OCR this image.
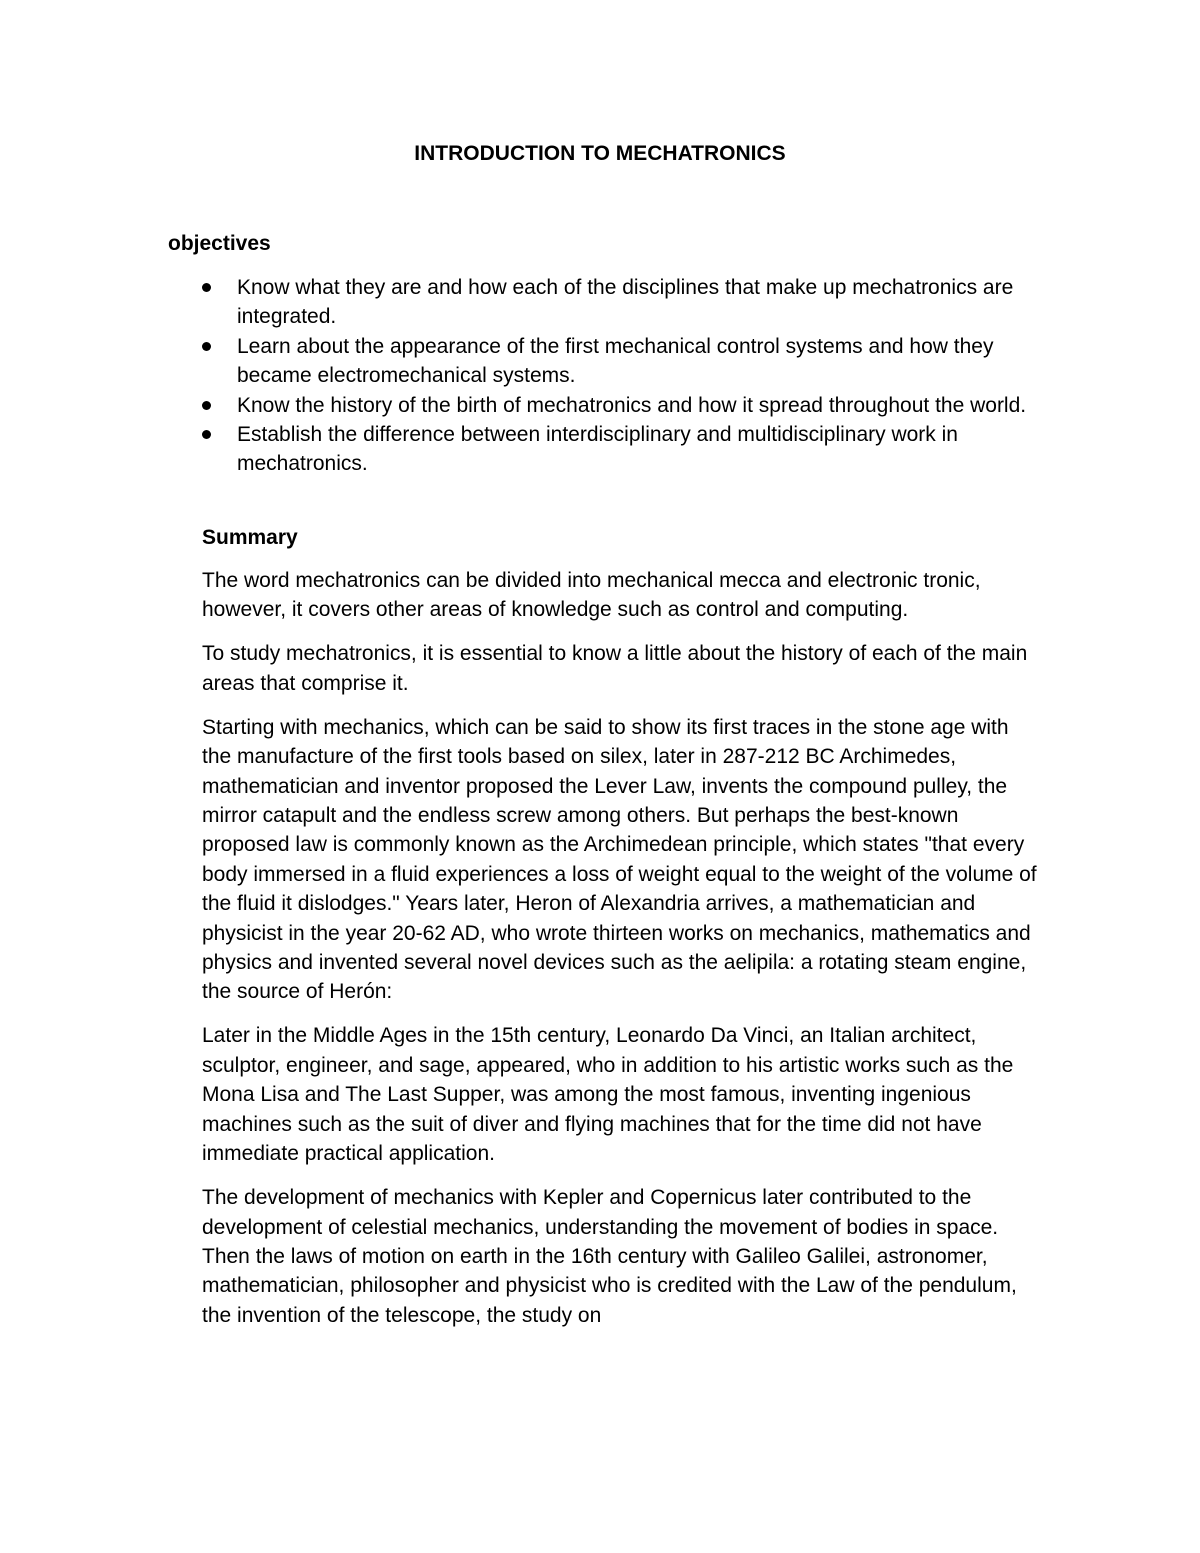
INTRODUCTION TO MECHATRONICS
objectives
Know what they are and how each of the disciplines that make up mechatronics are integrated.
Learn about the appearance of the first mechanical control systems and how they became electromechanical systems.
Know the history of the birth of mechatronics and how it spread throughout the world.
Establish the difference between interdisciplinary and multidisciplinary work in mechatronics.
Summary

The word mechatronics can be divided into mechanical mecca and electronic tronic, however, it covers other areas of knowledge such as control and computing.

To study mechatronics, it is essential to know a little about the history of each of the main areas that comprise it.

Starting with mechanics, which can be said to show its first traces in the stone age with the manufacture of the first tools based on silex, later in 287-212 BC Archimedes, mathematician and inventor proposed the Lever Law, invents the compound pulley, the mirror catapult and the endless screw among others. But perhaps the best-known proposed law is commonly known as the Archimedean principle, which states "that every body immersed in a fluid experiences a loss of weight equal to the weight of the volume of the fluid it dislodges." Years later, Heron of Alexandria arrives, a mathematician and physicist in the year 20-62 AD, who wrote thirteen works on mechanics, mathematics and physics and invented several novel devices such as the aelipila: a rotating steam engine, the source of Herón:

Later in the Middle Ages in the 15th century, Leonardo Da Vinci, an Italian architect, sculptor, engineer, and sage, appeared, who in addition to his artistic works such as the Mona Lisa and The Last Supper, was among the most famous, inventing ingenious machines such as the suit of diver and flying machines that for the time did not have immediate practical application.

The development of mechanics with Kepler and Copernicus later contributed to the development of celestial mechanics, understanding the movement of bodies in space. Then the laws of motion on earth in the 16th century with Galileo Galilei, astronomer, mathematician, philosopher and physicist who is credited with the Law of the pendulum, the invention of the telescope, the study on
